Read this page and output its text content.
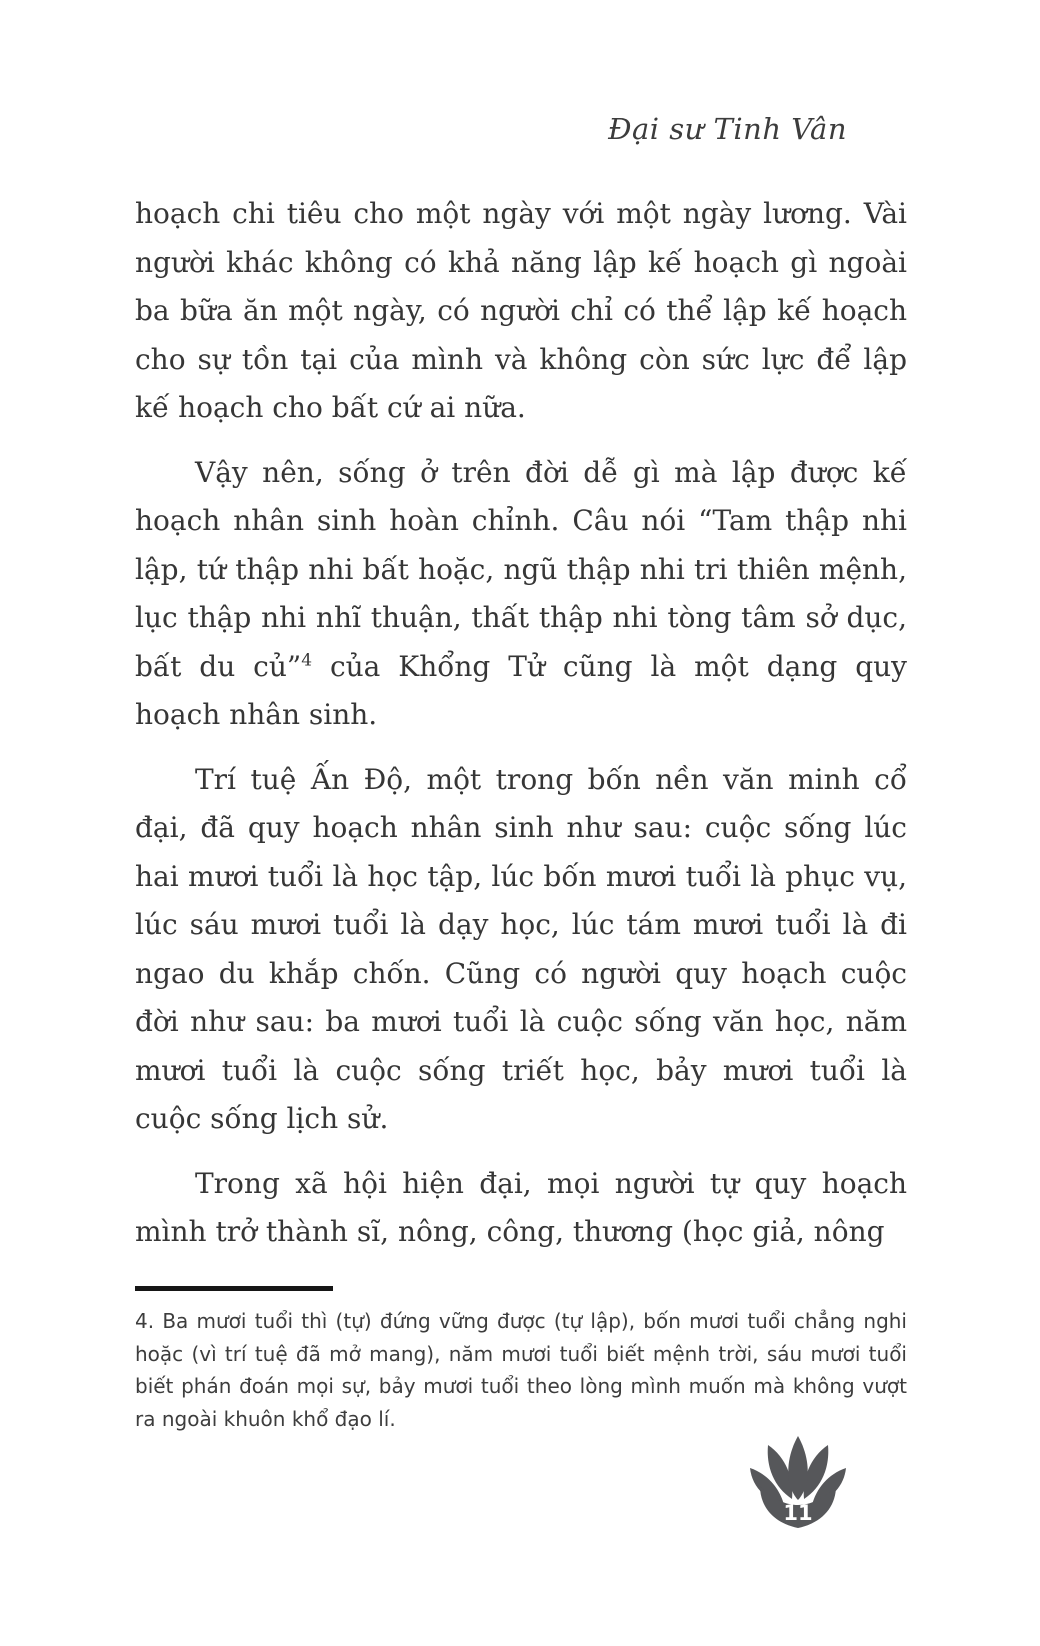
Đại sư Tinh Vân

hoạch chi tiêu cho một ngày với một ngày lương. Vài người khác không có khả năng lập kế hoạch gì ngoài ba bữa ăn một ngày, có người chỉ có thể lập kế hoạch cho sự tồn tại của mình và không còn sức lực để lập kế hoạch cho bất cứ ai nữa.

Vậy nên, sống ở trên đời dễ gì mà lập được kế hoạch nhân sinh hoàn chỉnh. Câu nói “Tam thập nhi lập, tứ thập nhi bất hoặc, ngũ thập nhi tri thiên mệnh, lục thập nhi nhĩ thuận, thất thập nhi tòng tâm sở dục, bất du củ”$^4$ của Khổng Tử cũng là một dạng quy hoạch nhân sinh.

Trí tuệ Ấn Độ, một trong bốn nền văn minh cổ đại, đã quy hoạch nhân sinh như sau: cuộc sống lúc hai mươi tuổi là học tập, lúc bốn mươi tuổi là phục vụ, lúc sáu mươi tuổi là dạy học, lúc tám mươi tuổi là đi ngao du khắp chốn. Cũng có người quy hoạch cuộc đời như sau: ba mươi tuổi là cuộc sống văn học, năm mươi tuổi là cuộc sống triết học, bảy mươi tuổi là cuộc sống lịch sử.

Trong xã hội hiện đại, mọi người tự quy hoạch mình trở thành sĩ, nông, công, thương (học giả, nông

4. Ba mươi tuổi thì (tự) đứng vững được (tự lập), bốn mươi tuổi chẳng nghi hoặc (vì trí tuệ đã mở mang), năm mươi tuổi biết mệnh trời, sáu mươi tuổi biết phán đoán mọi sự, bảy mươi tuổi theo lòng mình muốn mà không vượt ra ngoài khuôn khổ đạo lí.
11
